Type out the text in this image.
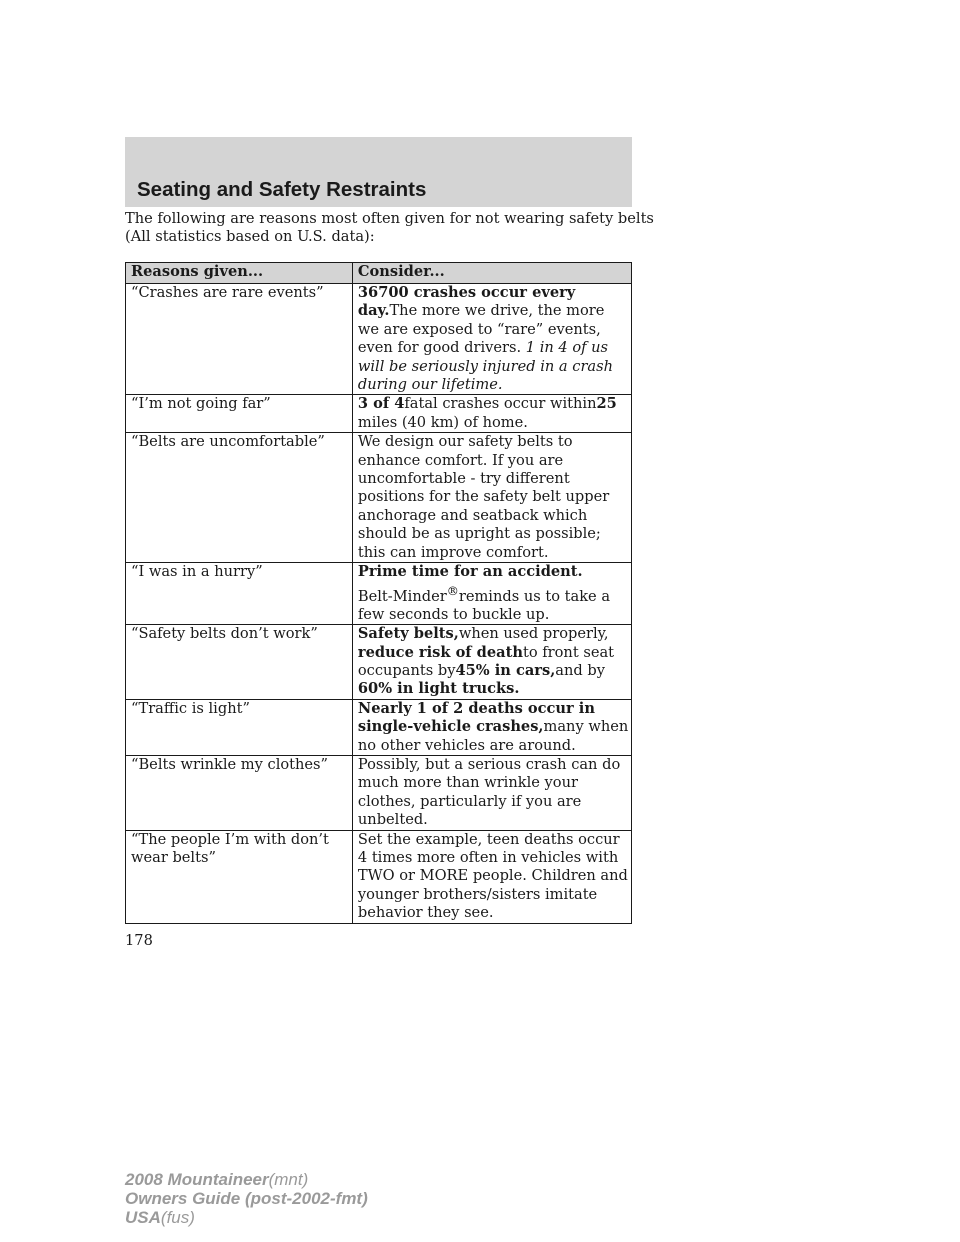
Seating and Safety Restraints
The following are reasons most often given for not wearing safety belts
(All statistics based on U.S. data):
Reasons given...	Consider...
“Crashes are rare events”	36700 crashes occur every day.The more we drive, the more we are exposed to “rare” events, even for good drivers. 1 in 4 of us will be seriously injured in a crash during our lifetime.
“I’m not going far”	3 of 4fatal crashes occur within25
miles (40 km) of home.
“Belts are uncomfortable”	We design our safety belts to enhance comfort. If you are uncomfortable - try different positions for the safety belt upper anchorage and seatback which should be as upright as possible; this can improve comfort.
“I was in a hurry”	Prime time for an accident.
Belt-Minder®reminds us to take a few seconds to buckle up.
“Safety belts don’t work”	Safety belts,when used properly,
reduce risk of deathto front seat occupants by45% in cars,and by
60% in light trucks.
“Traffic is light”	Nearly 1 of 2 deaths occur in single-vehicle crashes,many when no other vehicles are around.
“Belts wrinkle my clothes”	Possibly, but a serious crash can do much more than wrinkle your clothes, particularly if you are unbelted.
“The people I’m with don’t
wear belts”	Set the example, teen deaths occur 4 times more often in vehicles with TWO or MORE people. Children and younger brothers/sisters imitate behavior they see.
178
2008 Mountaineer(mnt)
Owners Guide (post-2002-fmt)
USA(fus)
